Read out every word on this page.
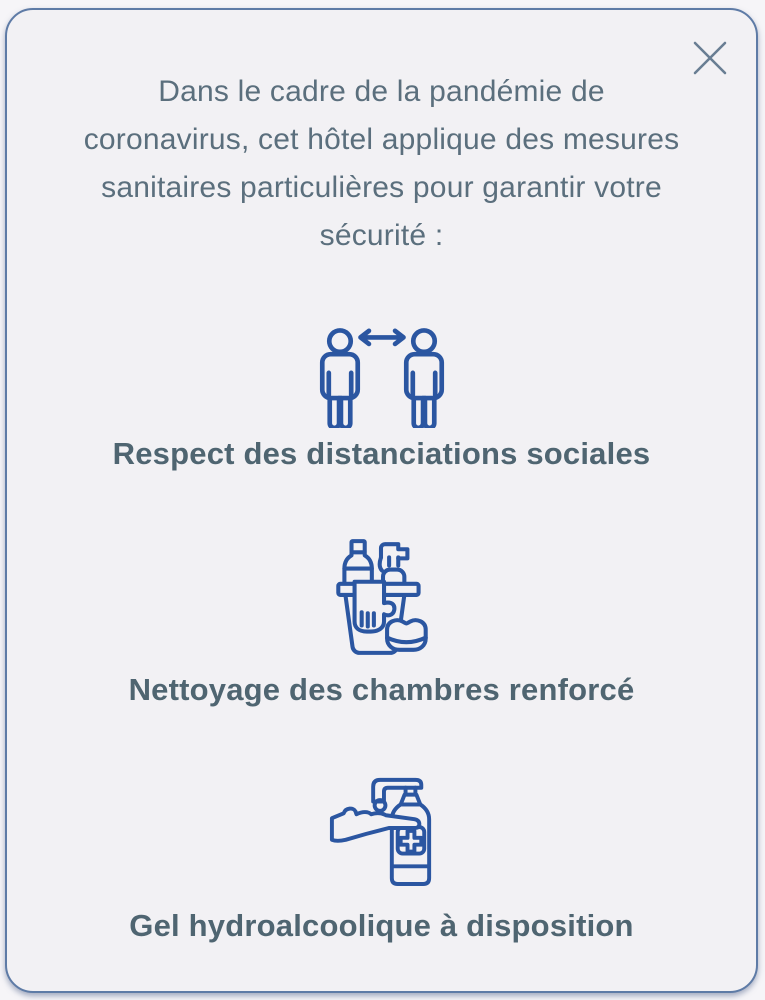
Dans le cadre de la pandémie de coronavirus, cet hôtel applique des mesures sanitaires particulières pour garantir votre sécurité :

Respect des distanciations sociales
Nettoyage des chambres renforcé
Gel hydroalcoolique à disposition
